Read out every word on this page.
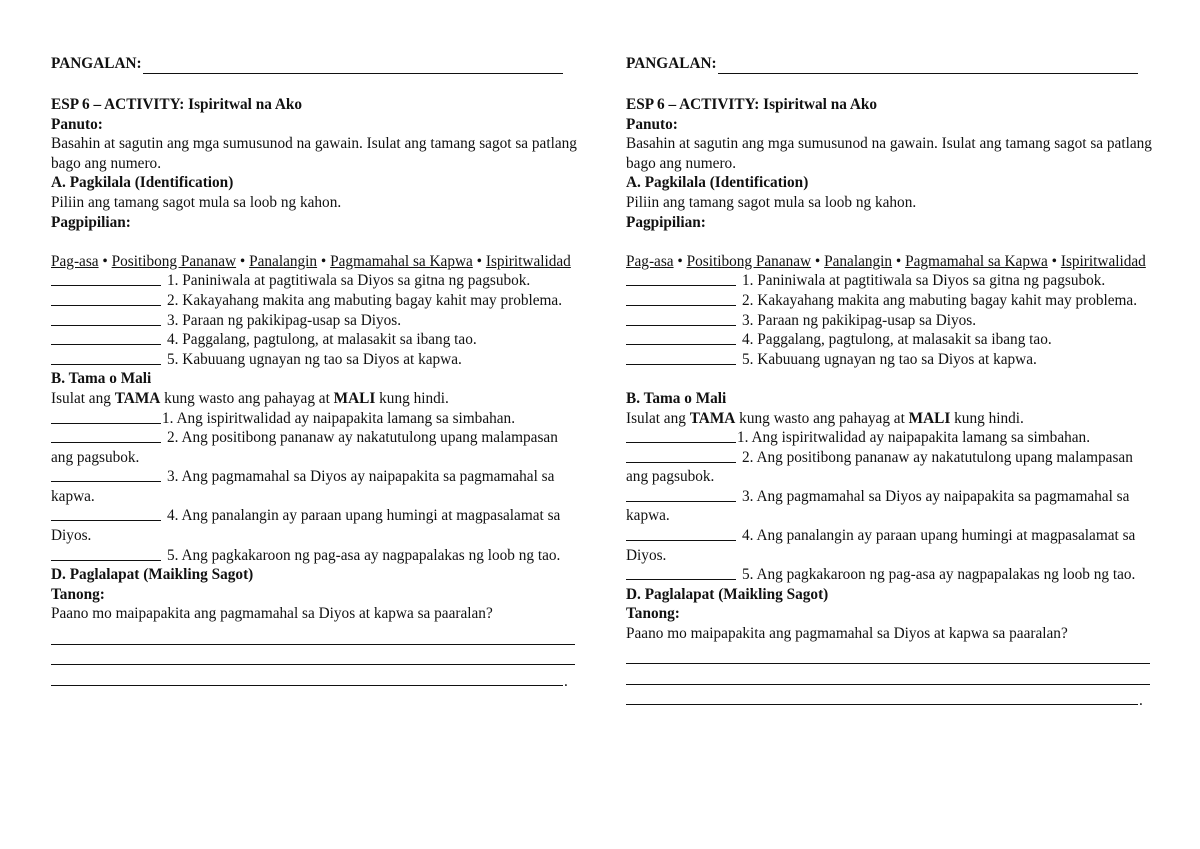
PANGALAN:
ESP 6 – ACTIVITY: Ispiritwal na Ako
Panuto:
Basahin at sagutin ang mga sumusunod na gawain. Isulat ang tamang sagot sa patlang bago ang numero.
A. Pagkilala (Identification)
Piliin ang tamang sagot mula sa loob ng kahon.
Pagpipilian:
Pag-asa • Positibong Pananaw • Panalangin • Pagmamahal sa Kapwa • Ispiritwalidad
1. Paniniwala at pagtitiwala sa Diyos sa gitna ng pagsubok.
2. Kakayahang makita ang mabuting bagay kahit may problema.
3. Paraan ng pakikipag-usap sa Diyos.
4. Paggalang, pagtulong, at malasakit sa ibang tao.
5. Kabuuang ugnayan ng tao sa Diyos at kapwa.
B. Tama o Mali
Isulat ang TAMA kung wasto ang pahayag at MALI kung hindi.
1. Ang ispiritwalidad ay naipapakita lamang sa simbahan.
2. Ang positibong pananaw ay nakatutulong upang malampasan ang pagsubok.
3. Ang pagmamahal sa Diyos ay naipapakita sa pagmamahal sa kapwa.
4. Ang panalangin ay paraan upang humingi at magpasalamat sa Diyos.
5. Ang pagkakaroon ng pag-asa ay nagpapalakas ng loob ng tao.
D. Paglalapat (Maikling Sagot)
Tanong:
Paano mo maipapakita ang pagmamahal sa Diyos at kapwa sa paaralan?
.
PANGALAN:
ESP 6 – ACTIVITY: Ispiritwal na Ako
Panuto:
Basahin at sagutin ang mga sumusunod na gawain. Isulat ang tamang sagot sa patlang bago ang numero.
A. Pagkilala (Identification)
Piliin ang tamang sagot mula sa loob ng kahon.
Pagpipilian:
Pag-asa • Positibong Pananaw • Panalangin • Pagmamahal sa Kapwa • Ispiritwalidad
1. Paniniwala at pagtitiwala sa Diyos sa gitna ng pagsubok.
2. Kakayahang makita ang mabuting bagay kahit may problema.
3. Paraan ng pakikipag-usap sa Diyos.
4. Paggalang, pagtulong, at malasakit sa ibang tao.
5. Kabuuang ugnayan ng tao sa Diyos at kapwa.
B. Tama o Mali
Isulat ang TAMA kung wasto ang pahayag at MALI kung hindi.
1. Ang ispiritwalidad ay naipapakita lamang sa simbahan.
2. Ang positibong pananaw ay nakatutulong upang malampasan ang pagsubok.
3. Ang pagmamahal sa Diyos ay naipapakita sa pagmamahal sa kapwa.
4. Ang panalangin ay paraan upang humingi at magpasalamat sa Diyos.
5. Ang pagkakaroon ng pag-asa ay nagpapalakas ng loob ng tao.
D. Paglalapat (Maikling Sagot)
Tanong:
Paano mo maipapakita ang pagmamahal sa Diyos at kapwa sa paaralan?
.
